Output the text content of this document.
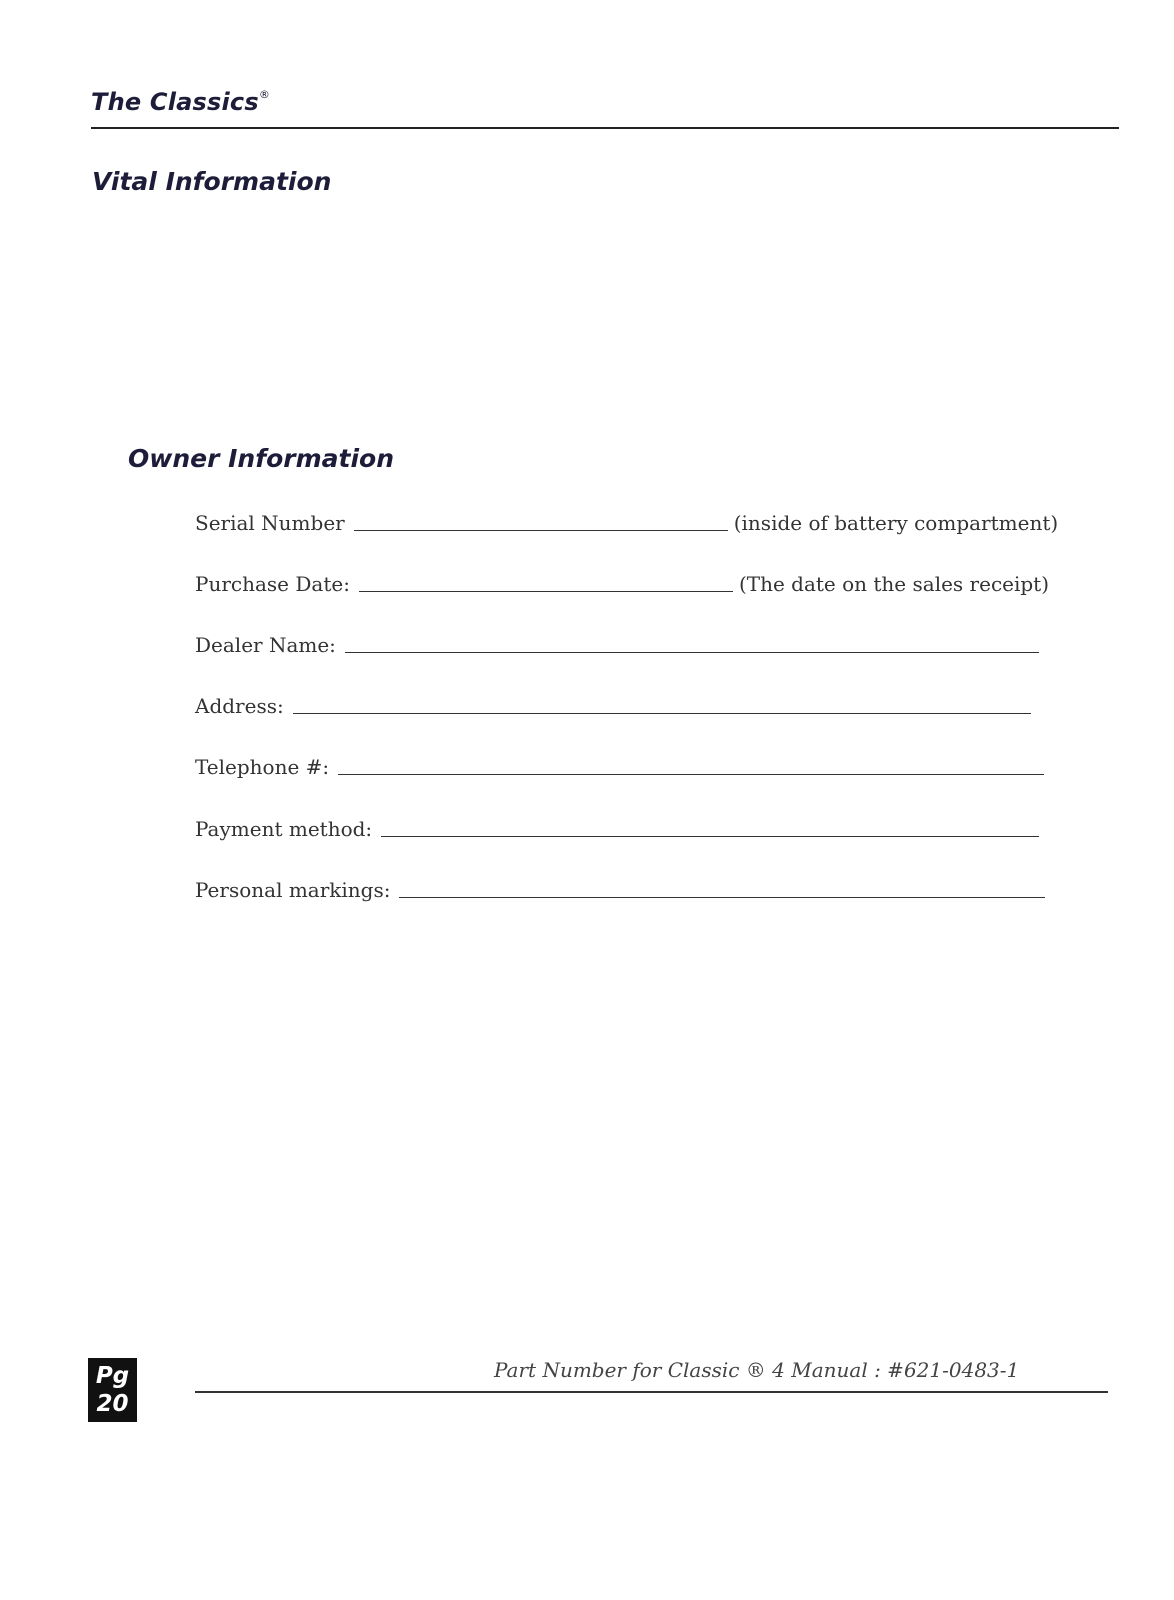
The Classics®
Vital Information
Owner Information
Serial Number	(inside of battery compartment)
Purchase Date:	(The date on the sales receipt)
Dealer Name:
Address:
Telephone #:
Payment method:
Personal markings:
Pg
20
Part Number for Classic ® 4 Manual : #621-0483-1
